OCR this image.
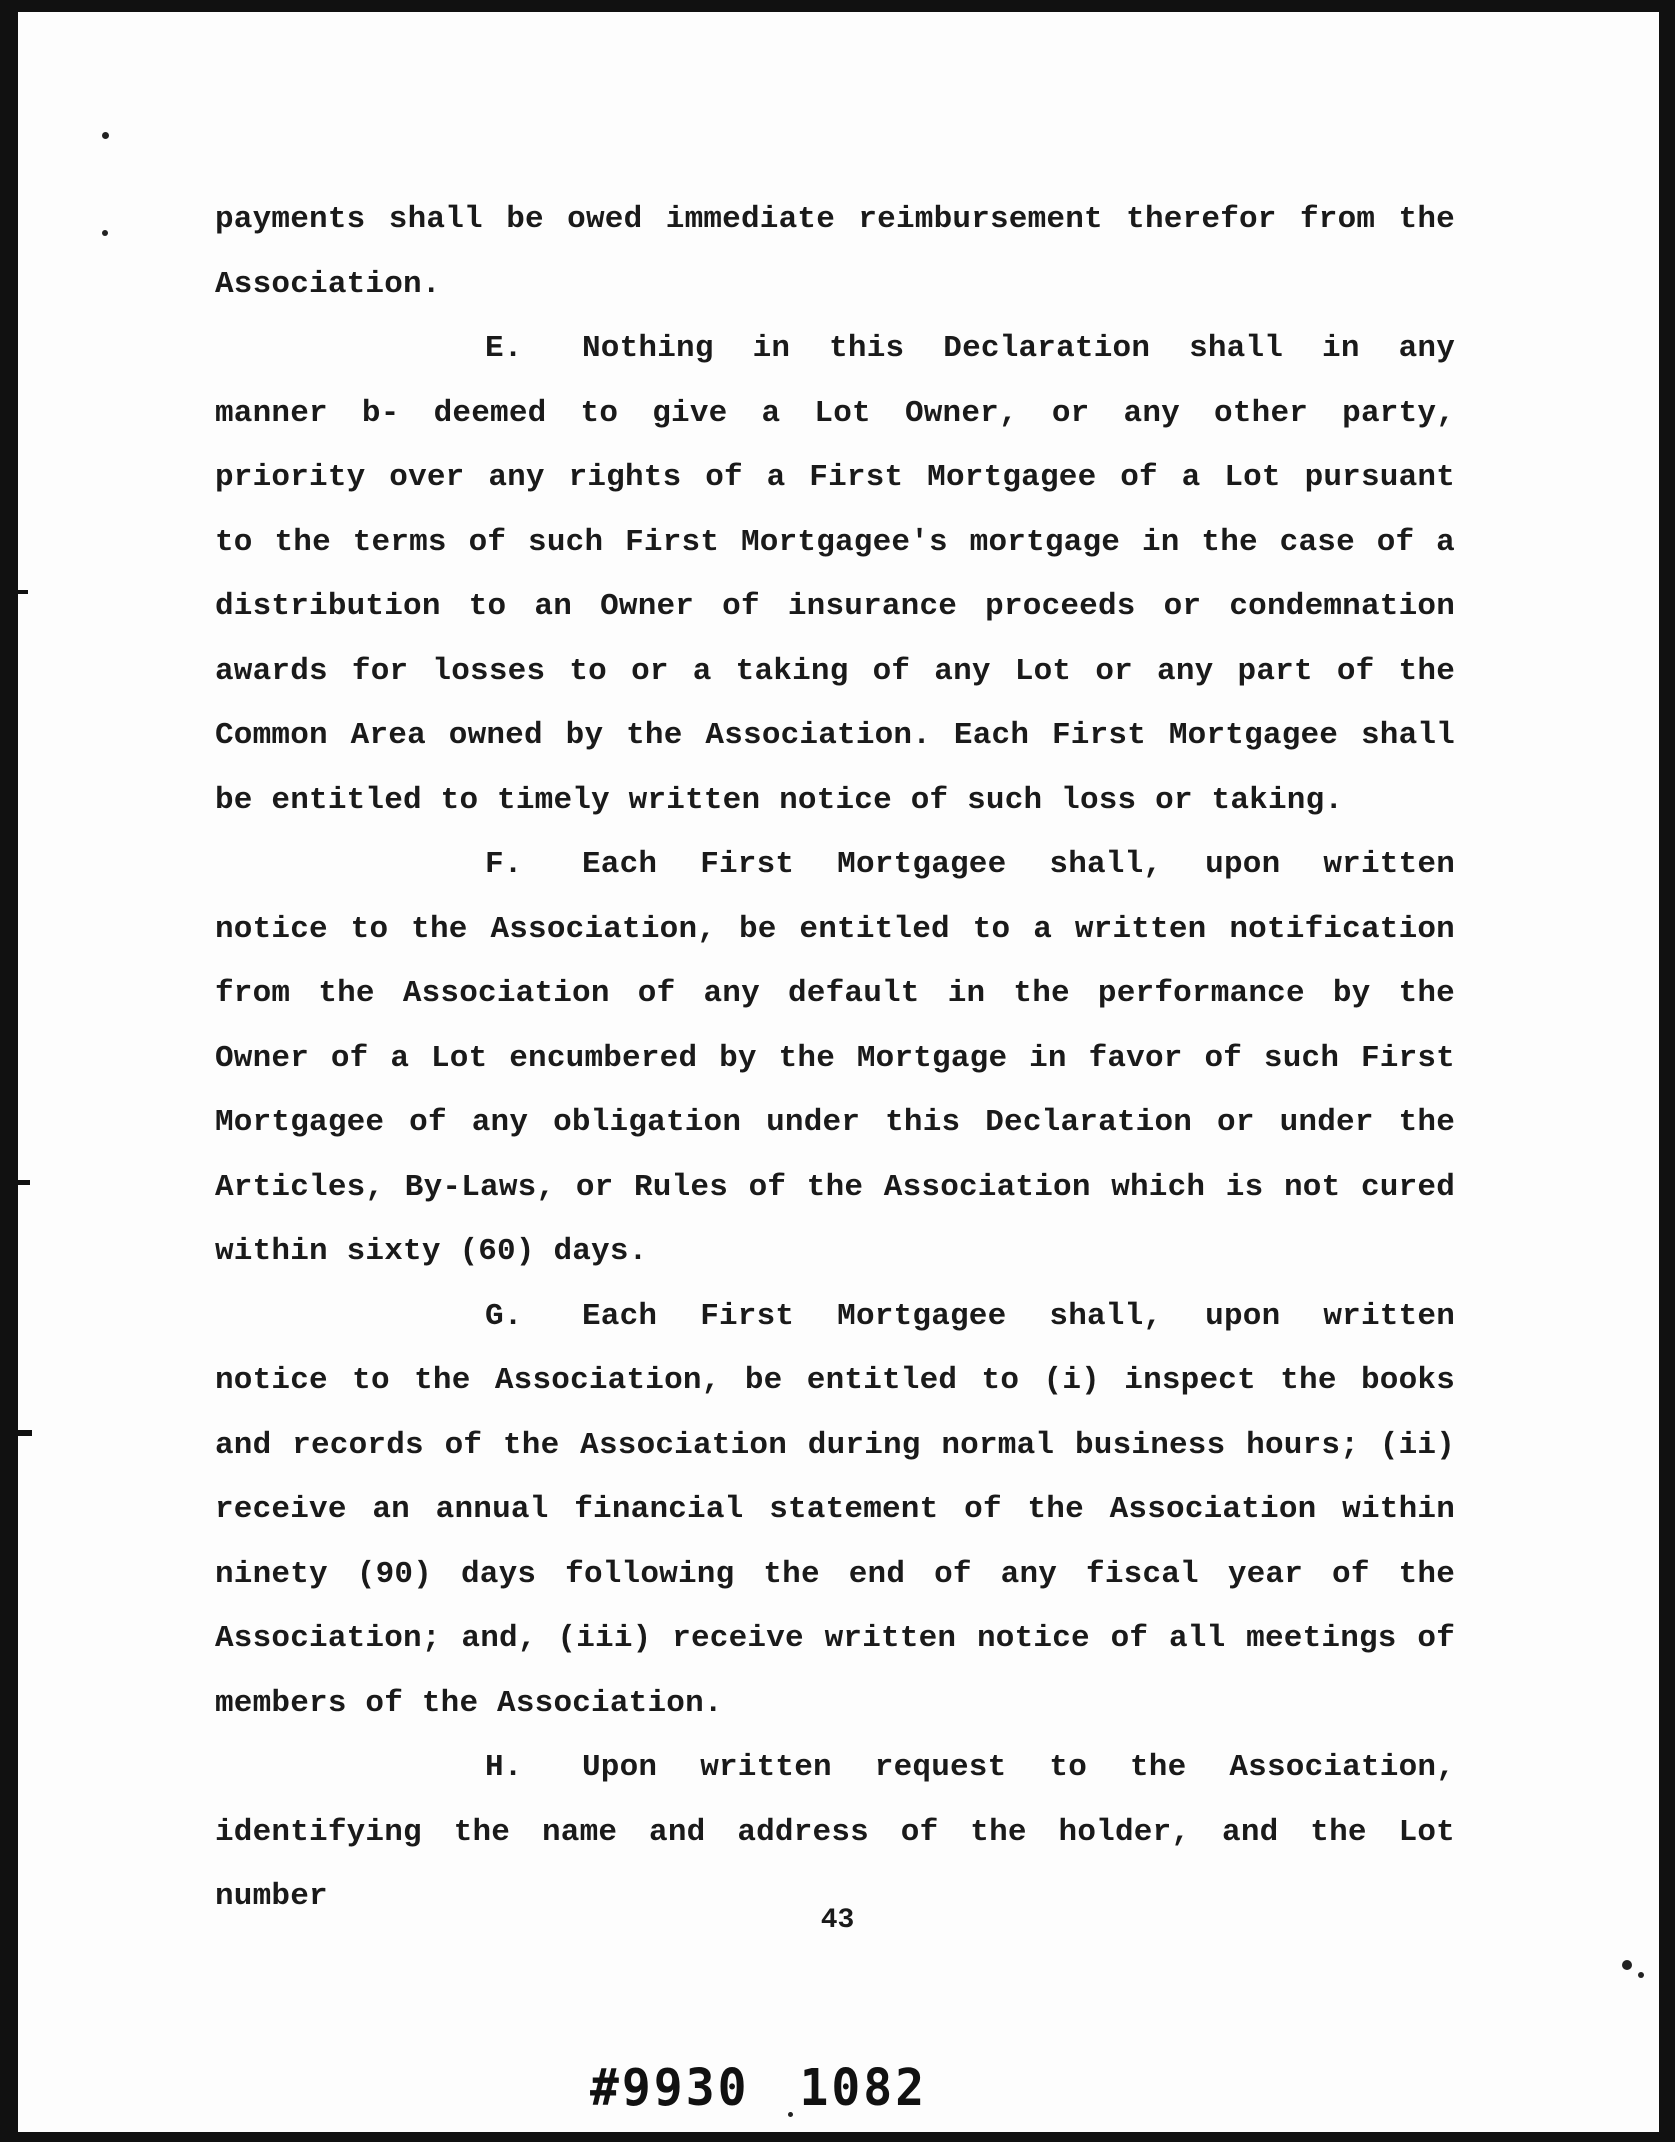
payments shall be owed immediate reimbursement therefor from the Association.

E. Nothing in this Declaration shall in any manner b- deemed to give a Lot Owner, or any other party, priority over any rights of a First Mortgagee of a Lot pursuant to the terms of such First Mortgagee's mortgage in the case of a distribution to an Owner of insurance proceeds or condemnation awards for losses to or a taking of any Lot or any part of the Common Area owned by the Association. Each First Mortgagee shall be entitled to timely written notice of such loss or taking.

F. Each First Mortgagee shall, upon written notice to the Association, be entitled to a written notification from the Association of any default in the performance by the Owner of a Lot encumbered by the Mortgage in favor of such First Mortgagee of any obligation under this Declaration or under the Articles, By-Laws, or Rules of the Association which is not cured within sixty (60) days.

G. Each First Mortgagee shall, upon written notice to the Association, be entitled to (i) inspect the books and records of the Association during normal business hours; (ii) receive an annual financial statement of the Association within ninety (90) days following the end of any fiscal year of the Association; and, (iii) receive written notice of all meetings of members of the Association.

H. Upon written request to the Association, identifying the name and address of the holder, and the Lot number

43
#9930 1082
